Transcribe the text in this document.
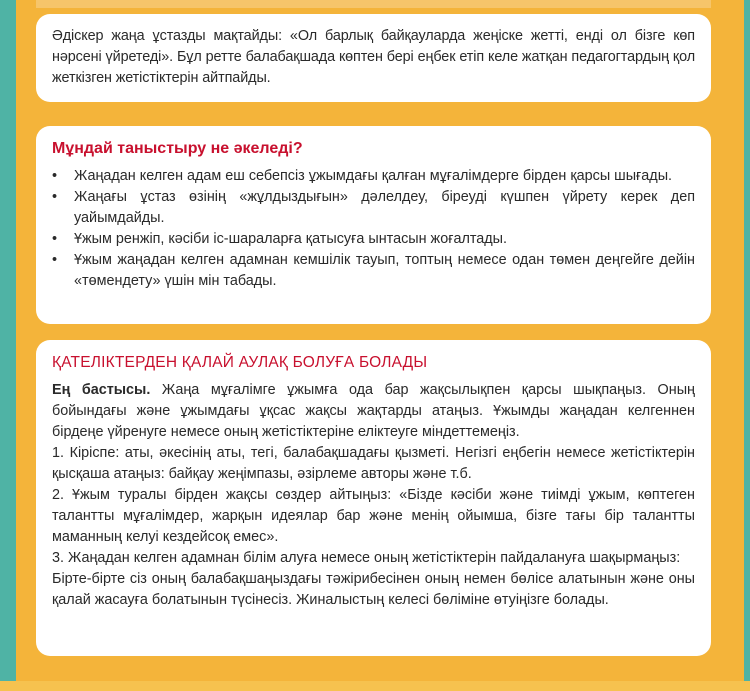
Әдіскер жаңа ұстазды мақтайды: «Ол барлық байқауларда жеңіске жетті, енді ол бізге көп нәрсені үйретеді». Бұл ретте балабақшада көптен бері еңбек етіп келе жатқан педагогтардың қол жеткізген жетістіктерін айтпайды.

Мұндай таныстыру не әкеледі?

•	Жаңадан келген адам еш себепсіз ұжымдағы қалған мұғалімдерге бірден қарсы шығады.
•	Жаңағы ұстаз өзінің «жұлдыздығын» дәлелдеу, біреуді күшпен үйрету керек деп уайымдайды.
•	Ұжым ренжіп, кәсіби іс-шараларға қатысуға ынтасын жоғалтады.
•	Ұжым жаңадан келген адамнан кемшілік тауып, топтың немесе одан төмен деңгейге дейін «төмендету» үшін мін табады.

ҚАТЕЛІКТЕРДЕН ҚАЛАЙ АУЛАҚ БОЛУҒА БОЛАДЫ

Ең бастысы. Жаңа мұғалімге ұжымға ода бар жақсылықпен қарсы шықпаңыз. Оның бойындағы және ұжымдағы ұқсас жақсы жақтарды атаңыз. Ұжымды жаңадан келгеннен бірдеңе үйренуге немесе оның жетістіктеріне еліктеуге міндеттемеңіз.

1. Кіріспе: аты, әкесінің аты, тегі, балабақшадағы қызметі. Негізгі еңбегін немесе жетістіктерін қысқаша атаңыз: байқау жеңімпазы, әзірлеме авторы және т.б.

2. Ұжым туралы бірден жақсы сөздер айтыңыз: «Бізде кәсіби және тиімді ұжым, көптеген талантты мұғалімдер, жарқын идеялар бар және менің ойымша, бізге тағы бір талантты маманның келуі кездейсоқ емес».

3. Жаңадан келген адамнан білім алуға немесе оның жетістіктерін пайдалануға шақырмаңыз:

Бірте-бірте сіз оның балабақшаңыздағы тәжірибесінен оның немен бөлісе алатынын және оны қалай жасауға болатынын түсінесіз. Жиналыстың келесі бөліміне өтуіңізге болады.
